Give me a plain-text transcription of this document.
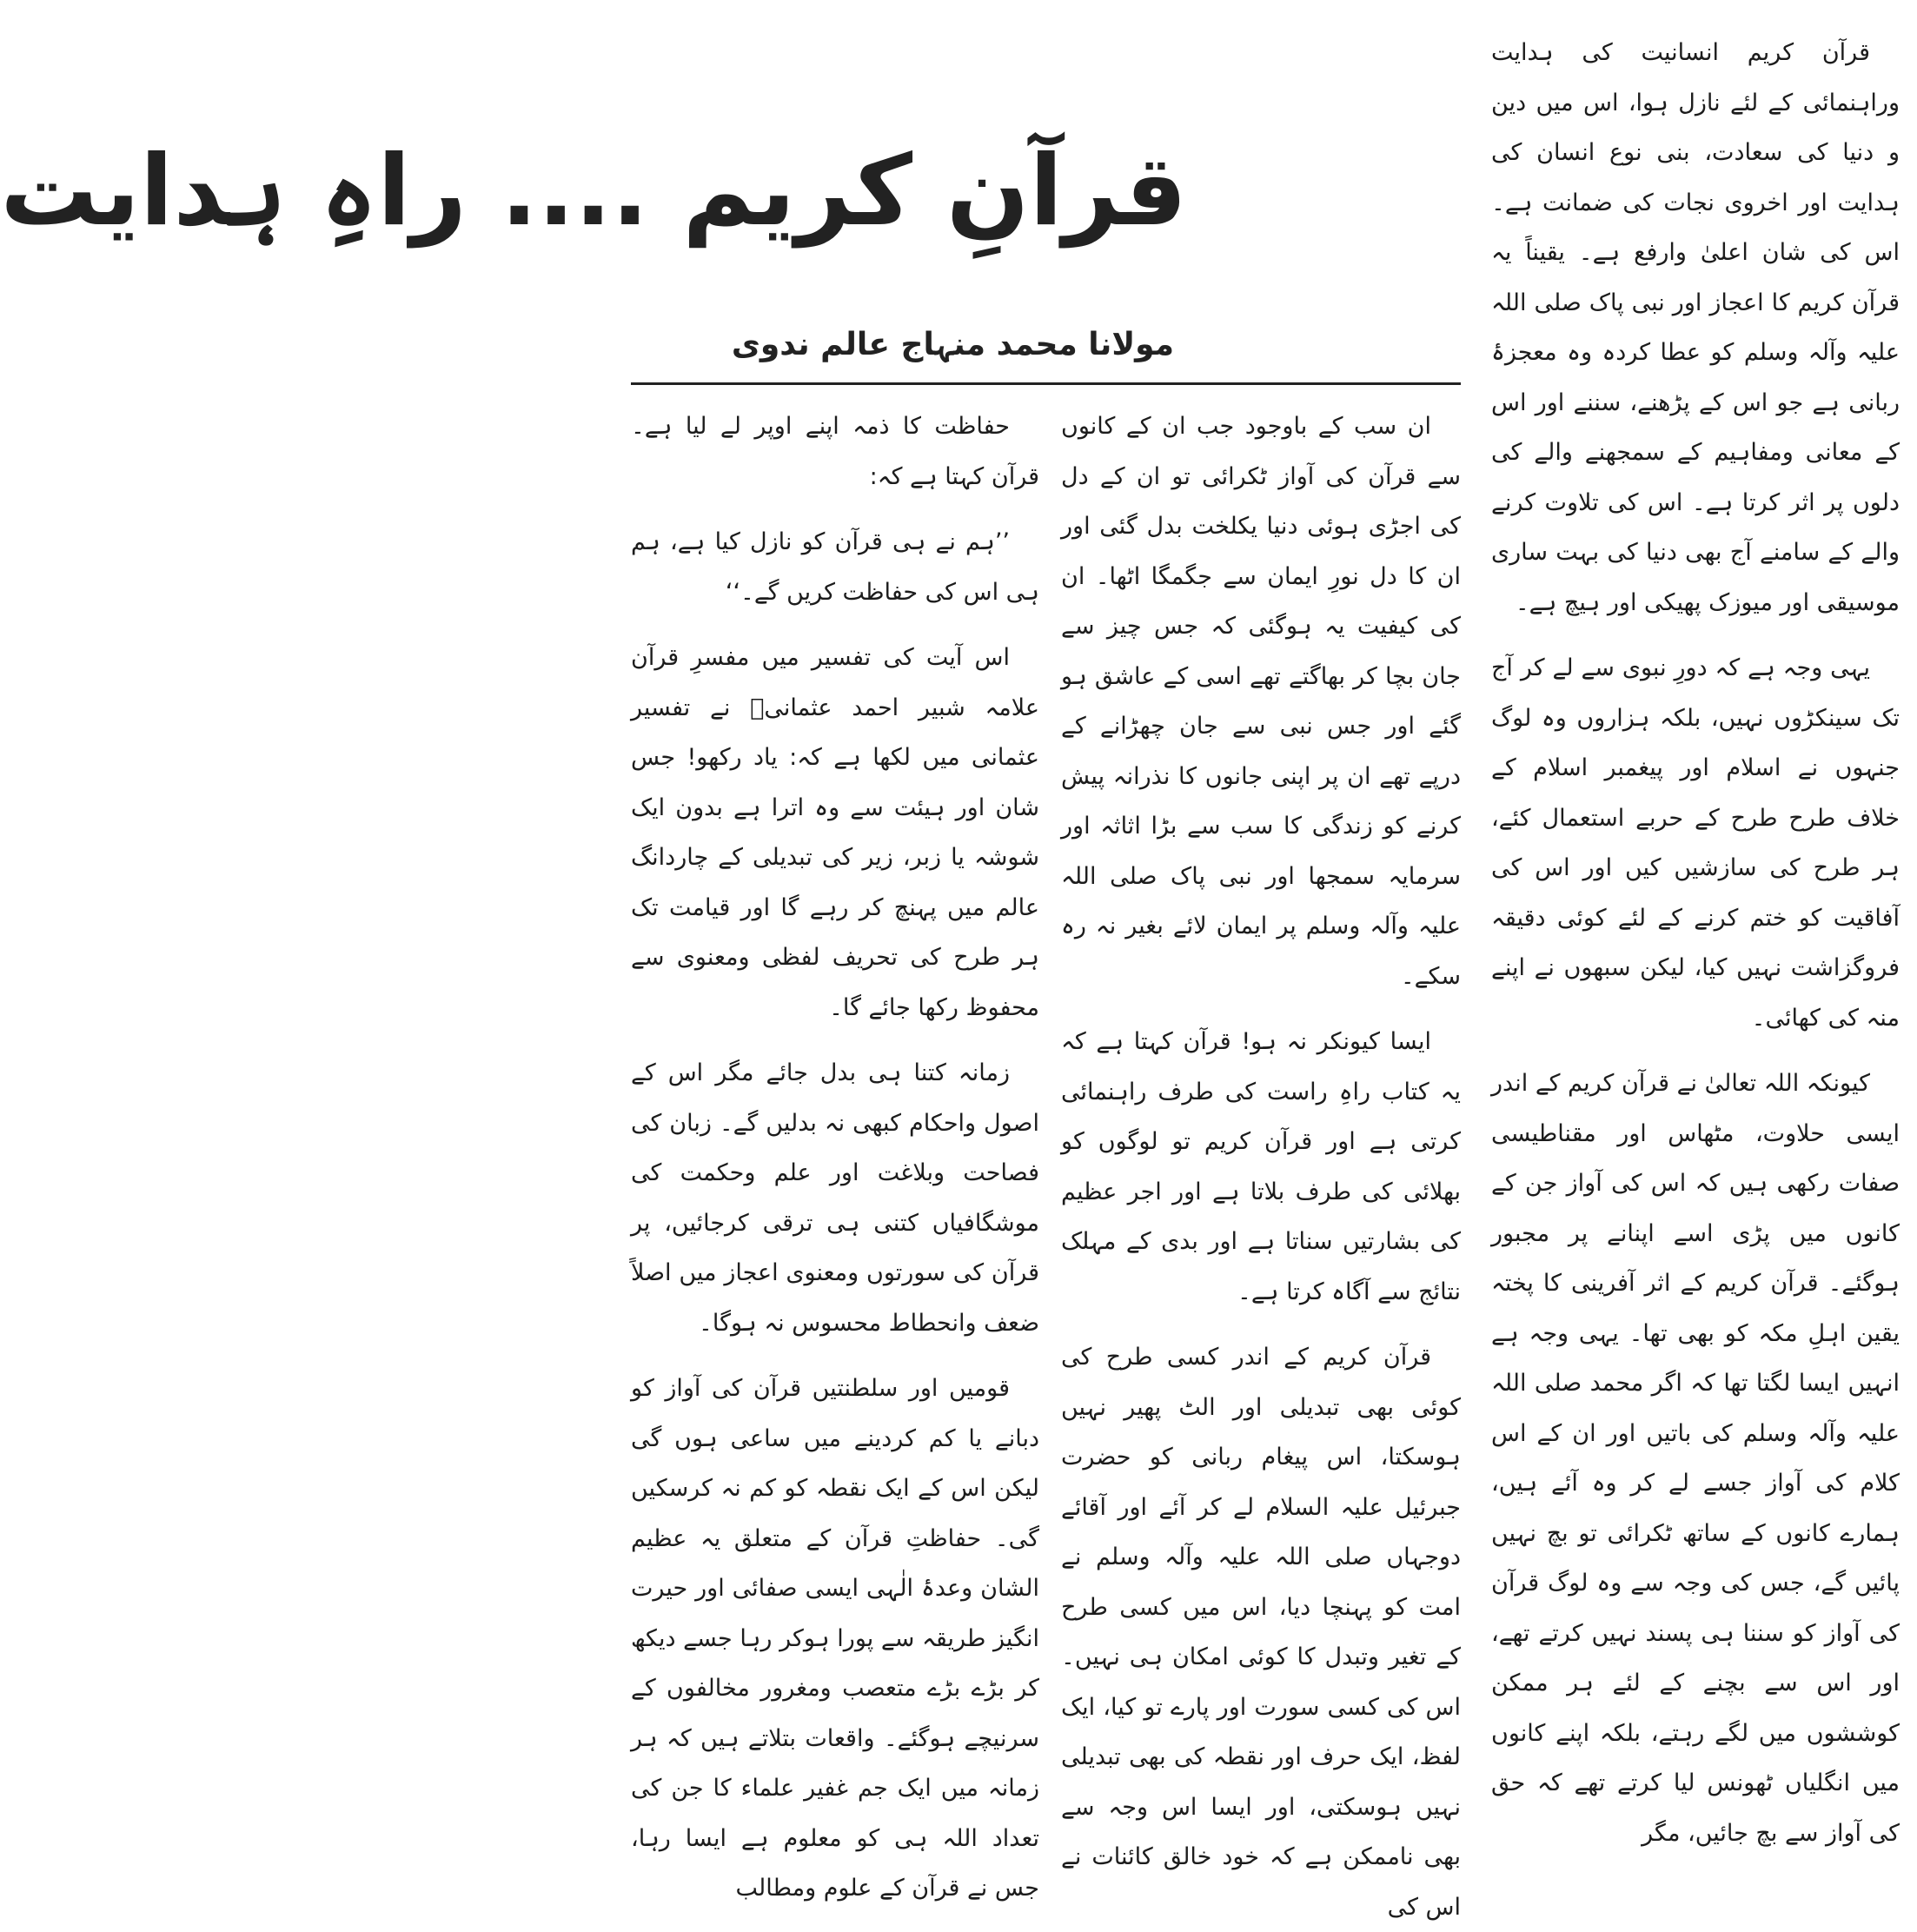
قرآنِ کریم .... راہِ ہدایت
مولانا محمد منہاج عالم ندوی

قرآن کریم انسانیت کی ہدایت وراہنمائی کے لئے نازل ہوا، اس میں دین و دنیا کی سعادت، بنی نوع انسان کی ہدایت اور اخروی نجات کی ضمانت ہے۔ اس کی شان اعلیٰ وارفع ہے۔ یقیناً یہ قرآن کریم کا اعجاز اور نبی پاک صلی اللہ علیہ وآلہ وسلم کو عطا کردہ وہ معجزۂ ربانی ہے جو اس کے پڑھنے، سننے اور اس کے معانی ومفاہیم کے سمجھنے والے کی دلوں پر اثر کرتا ہے۔ اس کی تلاوت کرنے والے کے سامنے آج بھی دنیا کی بہت ساری موسیقی اور میوزک پھیکی اور ہیچ ہے۔

یہی وجہ ہے کہ دورِ نبوی سے لے کر آج تک سینکڑوں نہیں، بلکہ ہزاروں وہ لوگ جنہوں نے اسلام اور پیغمبر اسلام کے خلاف طرح طرح کے حربے استعمال کئے، ہر طرح کی سازشیں کیں اور اس کی آفاقیت کو ختم کرنے کے لئے کوئی دقیقہ فروگزاشت نہیں کیا، لیکن سبھوں نے اپنے منہ کی کھائی۔

کیونکہ اللہ تعالیٰ نے قرآن کریم کے اندر ایسی حلاوت، مٹھاس اور مقناطیسی صفات رکھی ہیں کہ اس کی آواز جن کے کانوں میں پڑی اسے اپنانے پر مجبور ہوگئے۔ قرآن کریم کے اثر آفرینی کا پختہ یقین اہلِ مکہ کو بھی تھا۔ یہی وجہ ہے انہیں ایسا لگتا تھا کہ اگر محمد صلی اللہ علیہ وآلہ وسلم کی باتیں اور ان کے اس کلام کی آواز جسے لے کر وہ آئے ہیں، ہمارے کانوں کے ساتھ ٹکرائی تو بچ نہیں پائیں گے، جس کی وجہ سے وہ لوگ قرآن کی آواز کو سننا ہی پسند نہیں کرتے تھے، اور اس سے بچنے کے لئے ہر ممکن کوششوں میں لگے رہتے، بلکہ اپنے کانوں میں انگلیاں ٹھونس لیا کرتے تھے کہ حق کی آواز سے بچ جائیں، مگر

ان سب کے باوجود جب ان کے کانوں سے قرآن کی آواز ٹکرائی تو ان کے دل کی اجڑی ہوئی دنیا یکلخت بدل گئی اور ان کا دل نورِ ایمان سے جگمگا اٹھا۔ ان کی کیفیت یہ ہوگئی کہ جس چیز سے جان بچا کر بھاگتے تھے اسی کے عاشق ہو گئے اور جس نبی سے جان چھڑانے کے درپے تھے ان پر اپنی جانوں کا نذرانہ پیش کرنے کو زندگی کا سب سے بڑا اثاثہ اور سرمایہ سمجھا اور نبی پاک صلی اللہ علیہ وآلہ وسلم پر ایمان لائے بغیر نہ رہ سکے۔

ایسا کیونکر نہ ہو! قرآن کہتا ہے کہ یہ کتاب راہِ راست کی طرف راہنمائی کرتی ہے اور قرآن کریم تو لوگوں کو بھلائی کی طرف بلاتا ہے اور اجر عظیم کی بشارتیں سناتا ہے اور بدی کے مہلک نتائج سے آگاہ کرتا ہے۔

قرآن کریم کے اندر کسی طرح کی کوئی بھی تبدیلی اور الٹ پھیر نہیں ہوسکتا، اس پیغام ربانی کو حضرت جبرئیل علیہ السلام لے کر آئے اور آقائے دوجہاں صلی اللہ علیہ وآلہ وسلم نے امت کو پہنچا دیا، اس میں کسی طرح کے تغیر وتبدل کا کوئی امکان ہی نہیں۔ اس کی کسی سورت اور پارے تو کیا، ایک لفظ، ایک حرف اور نقطہ کی بھی تبدیلی نہیں ہوسکتی، اور ایسا اس وجہ سے بھی ناممکن ہے کہ خود خالق کائنات نے اس کی

حفاظت کا ذمہ اپنے اوپر لے لیا ہے۔ قرآن کہتا ہے کہ:

’’ہم نے ہی قرآن کو نازل کیا ہے، ہم ہی اس کی حفاظت کریں گے۔‘‘

اس آیت کی تفسیر میں مفسرِ قرآن علامہ شبیر احمد عثمانیؒ نے تفسیر عثمانی میں لکھا ہے کہ: یاد رکھو! جس شان اور ہیئت سے وہ اترا ہے بدون ایک شوشہ یا زبر، زیر کی تبدیلی کے چاردانگ عالم میں پہنچ کر رہے گا اور قیامت تک ہر طرح کی تحریف لفظی ومعنوی سے محفوظ رکھا جائے گا۔

زمانہ کتنا ہی بدل جائے مگر اس کے اصول واحکام کبھی نہ بدلیں گے۔ زبان کی فصاحت وبلاغت اور علم وحکمت کی موشگافیاں کتنی ہی ترقی کرجائیں، پر قرآن کی سورتوں ومعنوی اعجاز میں اصلاً ضعف وانحطاط محسوس نہ ہوگا۔

قومیں اور سلطنتیں قرآن کی آواز کو دبانے یا کم کردینے میں ساعی ہوں گی لیکن اس کے ایک نقطہ کو کم نہ کرسکیں گی۔ حفاظتِ قرآن کے متعلق یہ عظیم الشان وعدۂ الٰہی ایسی صفائی اور حیرت انگیز طریقہ سے پورا ہوکر رہا جسے دیکھ کر بڑے بڑے متعصب ومغرور مخالفوں کے سرنیچے ہوگئے۔ واقعات بتلاتے ہیں کہ ہر زمانہ میں ایک جم غفیر علماء کا جن کی تعداد اللہ ہی کو معلوم ہے ایسا رہا، جس نے قرآن کے علوم ومطالب
